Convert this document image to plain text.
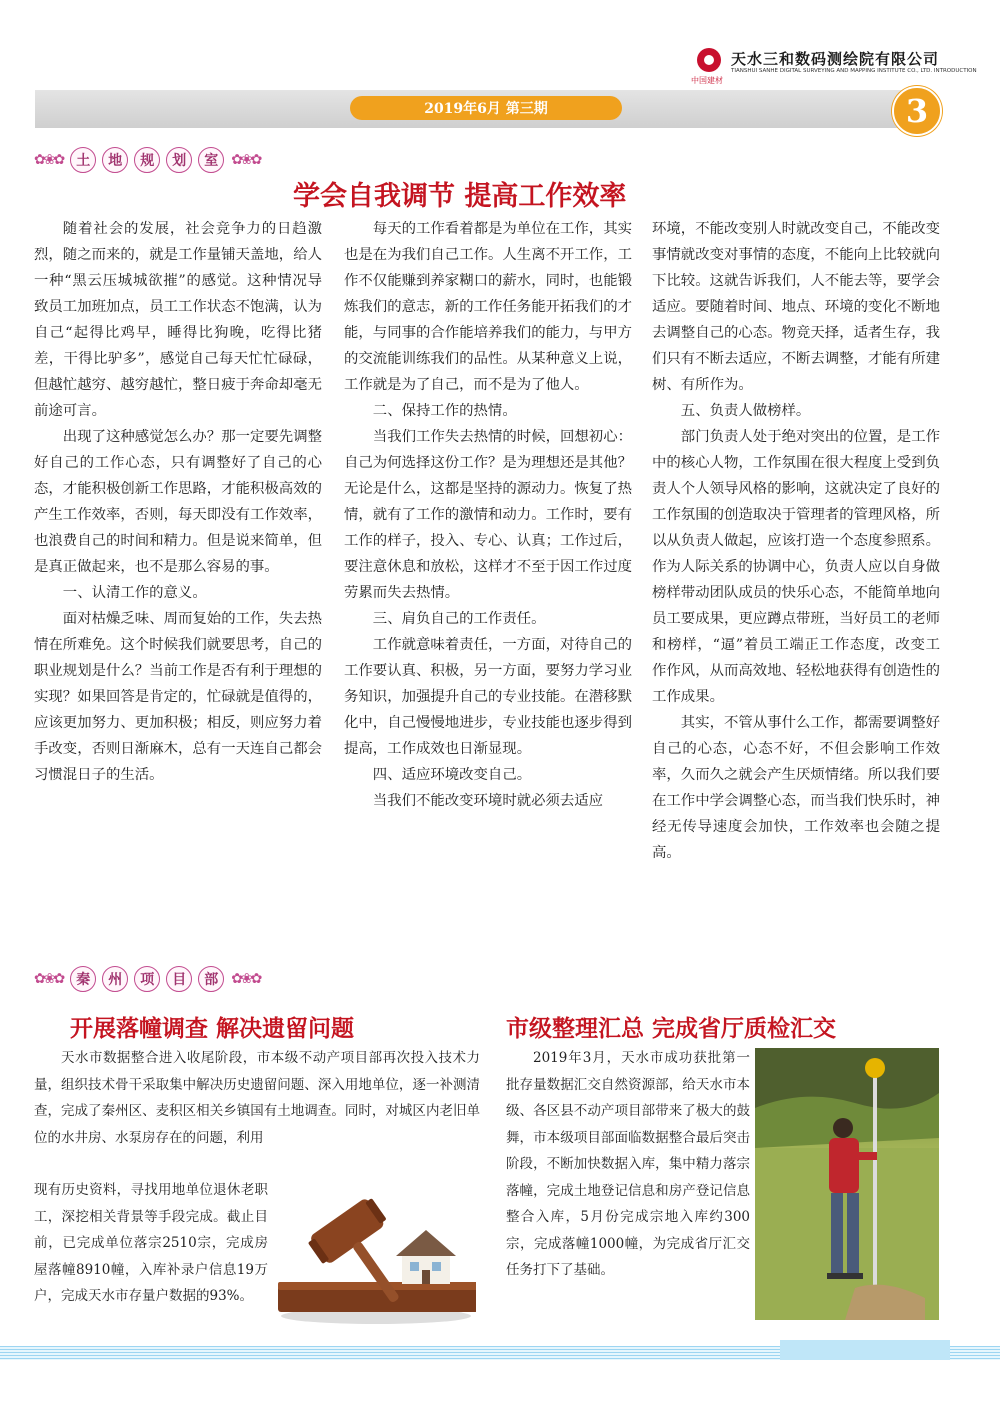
中国建材
天水三和数码测绘院有限公司
TIANSHUI SANHE DIGITAL SURVEYING AND MAPPING INSTITUTE CO., LTD. INTRODUCTION
2019年6月 第三期	3
✿❀✿ 土	地	规	划	室 ✿❀✿
学会自我调节 提高工作效率

随着社会的发展，社会竞争力的日趋激烈，随之而来的，就是工作量铺天盖地，给人一种“黑云压城城欲摧”的感觉。这种情况导致员工加班加点，员工工作状态不饱满，认为自己“起得比鸡早，睡得比狗晚，吃得比猪差，干得比驴多”，感觉自己每天忙忙碌碌，但越忙越穷、越穷越忙，整日疲于奔命却毫无前途可言。

出现了这种感觉怎么办？那一定要先调整好自己的工作心态，只有调整好了自己的心态，才能积极创新工作思路，才能积极高效的产生工作效率，否则，每天即没有工作效率，也浪费自己的时间和精力。但是说来简单，但是真正做起来，也不是那么容易的事。

一、认清工作的意义。

面对枯燥乏味、周而复始的工作，失去热情在所难免。这个时候我们就要思考，自己的职业规划是什么？当前工作是否有利于理想的实现？如果回答是肯定的，忙碌就是值得的，应该更加努力、更加积极；相反，则应努力着手改变，否则日渐麻木，总有一天连自己都会习惯混日子的生活。

每天的工作看着都是为单位在工作，其实也是在为我们自己工作。人生离不开工作，工作不仅能赚到养家糊口的薪水，同时，也能锻炼我们的意志，新的工作任务能开拓我们的才能，与同事的合作能培养我们的能力，与甲方的交流能训练我们的品性。从某种意义上说，工作就是为了自己，而不是为了他人。

二、保持工作的热情。

当我们工作失去热情的时候，回想初心：自己为何选择这份工作？是为理想还是其他？无论是什么，这都是坚持的源动力。恢复了热情，就有了工作的激情和动力。工作时，要有工作的样子，投入、专心、认真；工作过后，要注意休息和放松，这样才不至于因工作过度劳累而失去热情。

三、肩负自己的工作责任。

工作就意味着责任，一方面，对待自己的工作要认真、积极，另一方面，要努力学习业务知识，加强提升自己的专业技能。在潜移默化中，自己慢慢地进步，专业技能也逐步得到提高，工作成效也日渐显现。

四、适应环境改变自己。

当我们不能改变环境时就必须去适应

环境，不能改变别人时就改变自己，不能改变事情就改变对事情的态度，不能向上比较就向下比较。这就告诉我们，人不能去等，要学会适应。要随着时间、地点、环境的变化不断地去调整自己的心态。物竞天择，适者生存，我们只有不断去适应，不断去调整，才能有所建树、有所作为。

五、负责人做榜样。

部门负责人处于绝对突出的位置，是工作中的核心人物，工作氛围在很大程度上受到负责人个人领导风格的影响，这就决定了良好的工作氛围的创造取决于管理者的管理风格，所以从负责人做起，应该打造一个态度参照系。作为人际关系的协调中心，负责人应以自身做榜样带动团队成员的快乐心态，不能简单地向员工要成果，更应蹲点带班，当好员工的老师和榜样，“逼”着员工端正工作态度，改变工作作风，从而高效地、轻松地获得有创造性的工作成果。

其实，不管从事什么工作，都需要调整好自己的心态，心态不好，不但会影响工作效率，久而久之就会产生厌烦情绪。所以我们要在工作中学会调整心态，而当我们快乐时，神经无传导速度会加快，工作效率也会随之提高。

✿❀✿ 秦	州	项	目	部 ✿❀✿
开展落幢调查 解决遗留问题	市级整理汇总 完成省厅质检汇交

天水市数据整合进入收尾阶段，市本级不动产项目部再次投入技术力量，组织技术骨干采取集中解决历史遗留问题、深入用地单位，逐一补测清查，完成了秦州区、麦积区相关乡镇国有土地调查。同时，对城区内老旧单位的水井房、水泵房存在的问题，利用

现有历史资料，寻找用地单位退休老职工，深挖相关背景等手段完成。截止目前，已完成单位落宗2510宗，完成房屋落幢8910幢，入库补录户信息19万户，完成天水市存量户数据的93%。

2019年3月，天水市成功获批第一批存量数据汇交自然资源部，给天水市本级、各区县不动产项目部带来了极大的鼓舞，市本级项目部面临数据整合最后突击阶段，不断加快数据入库，集中精力落宗落幢，完成土地登记信息和房产登记信息整合入库，5月份完成宗地入库约300宗，完成落幢1000幢，为完成省厅汇交任务打下了基础。
